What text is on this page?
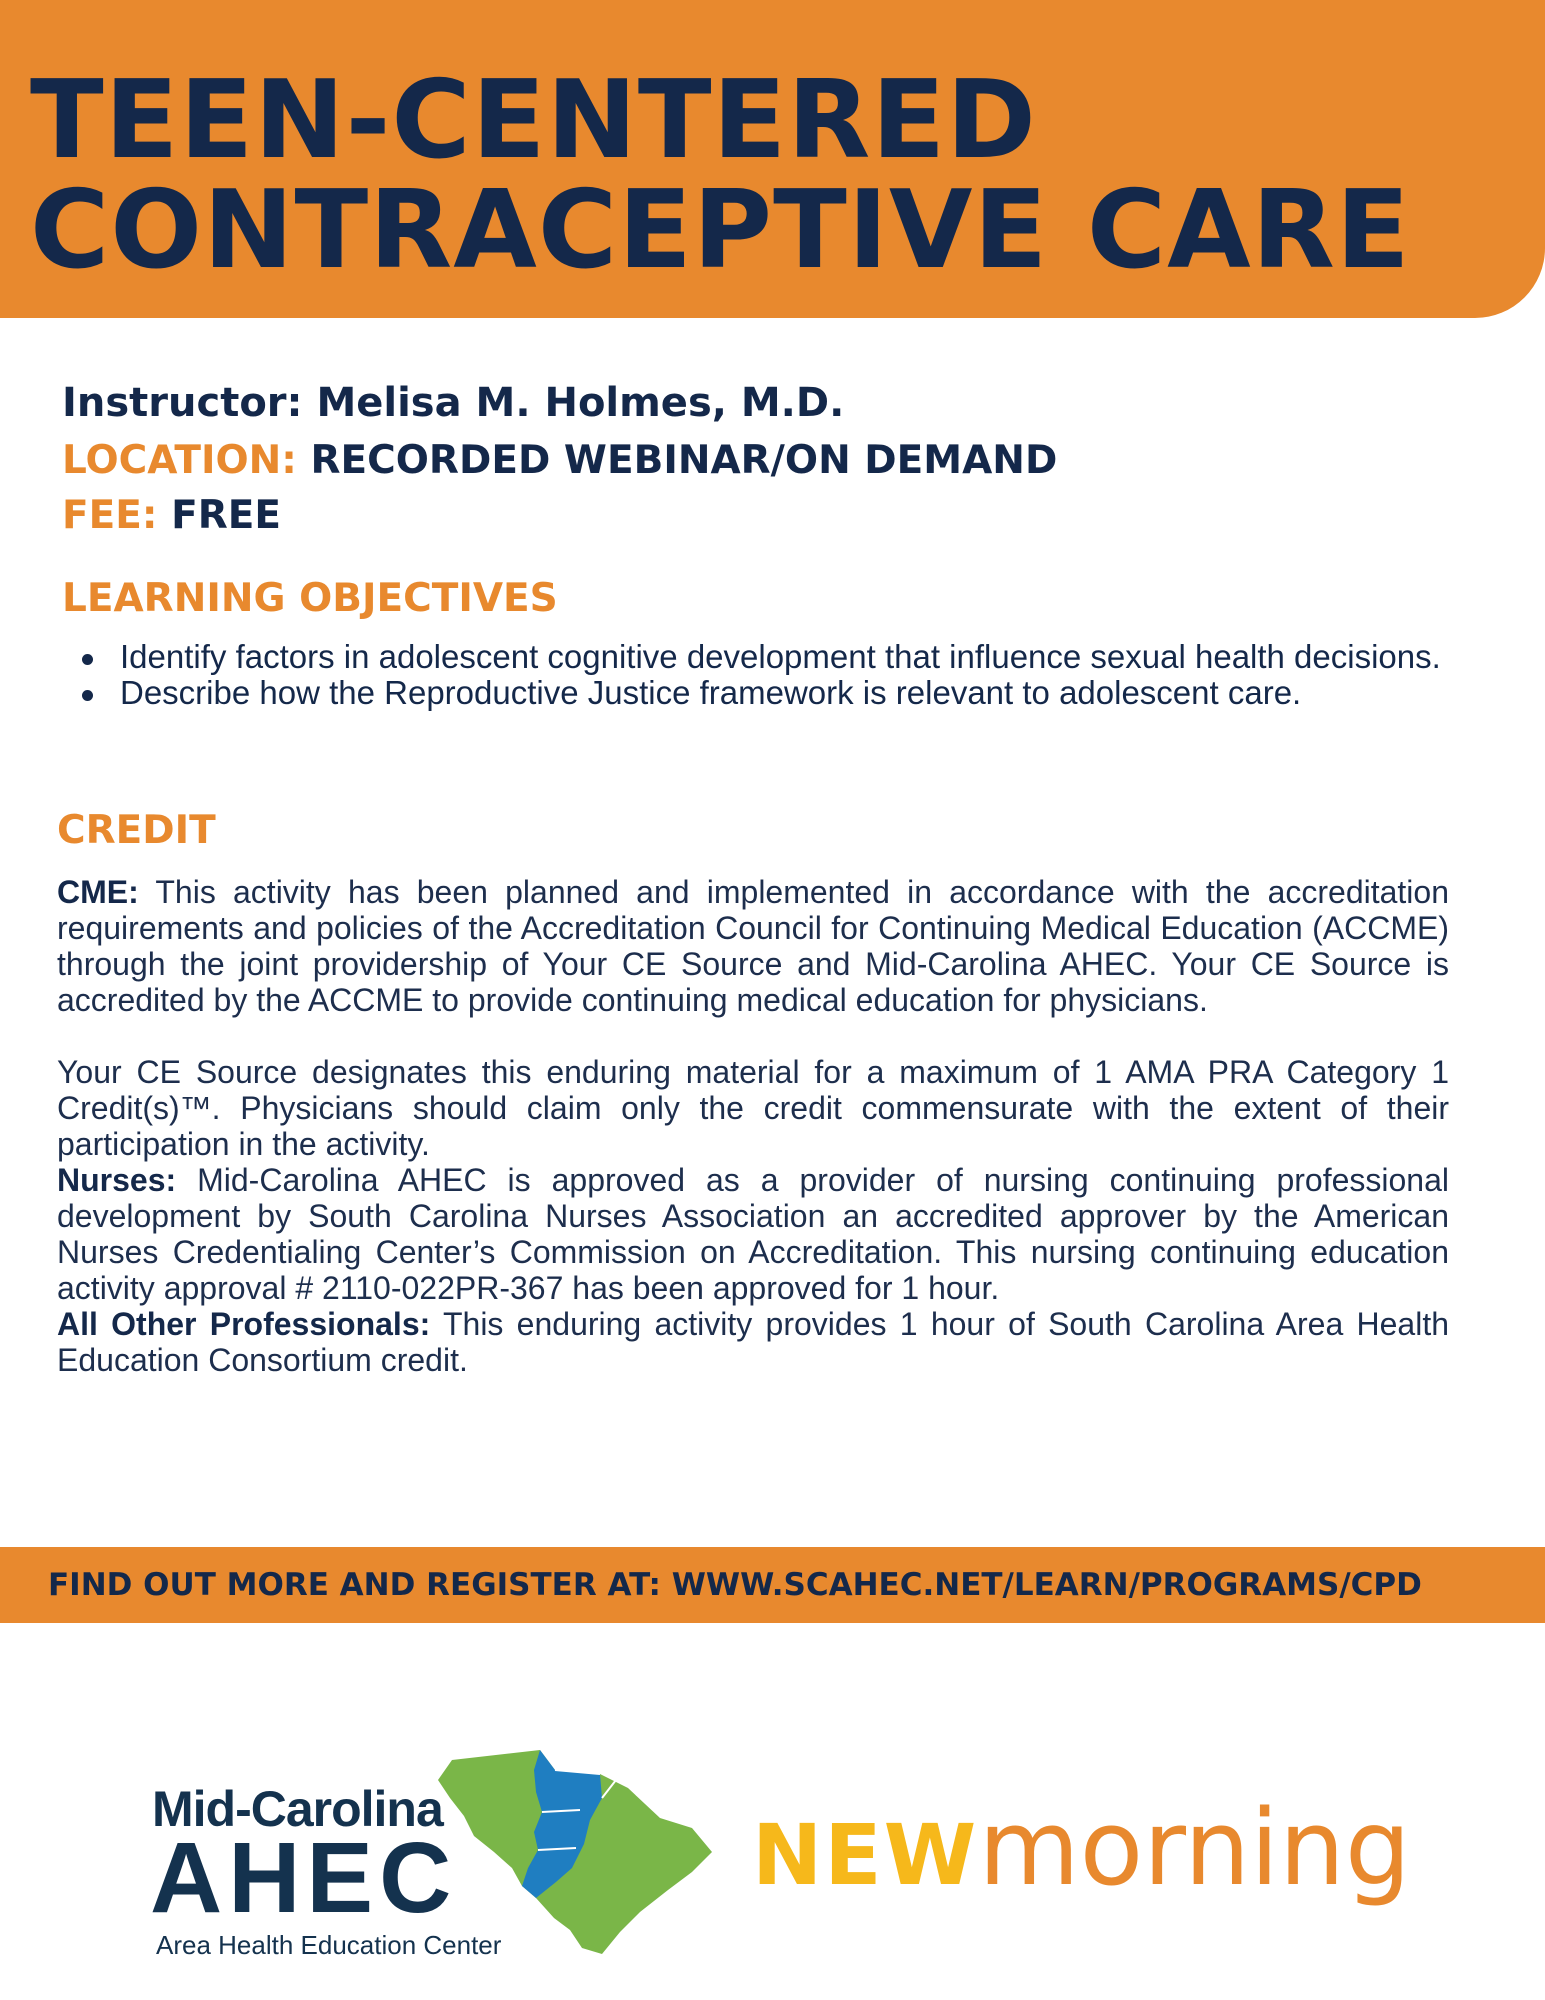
TEEN-CENTERED
CONTRACEPTIVE CARE

Instructor: Melisa M. Holmes, M.D.

LOCATION: RECORDED WEBINAR/ON DEMAND

FEE: FREE

LEARNING OBJECTIVES
Identify factors in adolescent cognitive development that influence sexual health decisions.
Describe how the Reproductive Justice framework is relevant to adolescent care.
CREDIT

CME: This activity has been planned and implemented in accordance with the accreditation requirements and policies of the Accreditation Council for Continuing Medical Education (ACCME) through the joint providership of Your CE Source and Mid-Carolina AHEC. Your CE Source is accredited by the ACCME to provide continuing medical education for physicians.

Your CE Source designates this enduring material for a maximum of 1 AMA PRA Category 1 Credit(s)™. Physicians should claim only the credit commensurate with the extent of their participation in the activity.

Nurses: Mid-Carolina AHEC is approved as a provider of nursing continuing professional development by South Carolina Nurses Association an accredited approver by the American Nurses Credentialing Center’s Commission on Accreditation. This nursing continuing education activity approval # 2110-022PR-367 has been approved for 1 hour.

All Other Professionals: This enduring activity provides 1 hour of South Carolina Area Health Education Consortium credit.

FIND OUT MORE AND REGISTER AT: WWW.SCAHEC.NET/LEARN/PROGRAMS/CPD

Mid-Carolina

AHEC

Area Health Education Center

NEWmorning
